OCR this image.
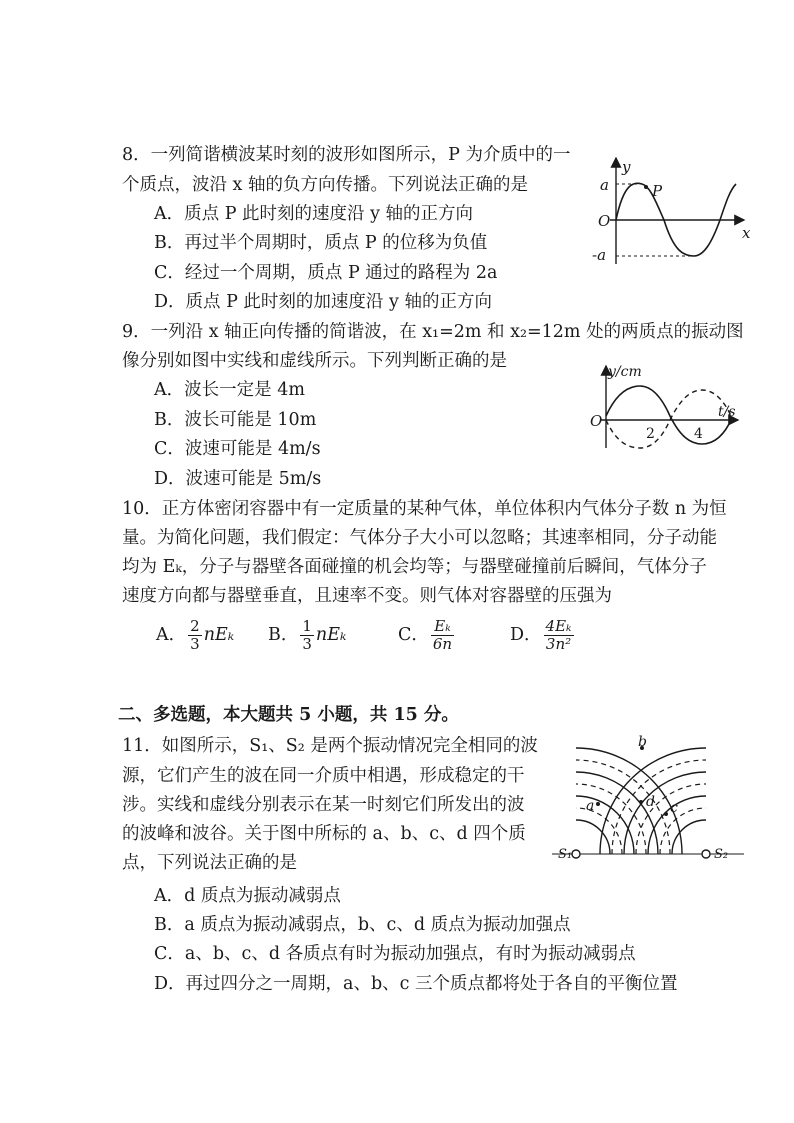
8．一列简谐横波某时刻的波形如图所示，P 为介质中的一
个质点，波沿 x 轴的负方向传播。下列说法正确的是
A．质点 P 此时刻的速度沿 y 轴的正方向
B．再过半个周期时，质点 P 的位移为负值
C．经过一个周期，质点 P 通过的路程为 2a
D．质点 P 此时刻的加速度沿 y 轴的正方向
y
x
O
a
-a
P
9．一列沿 x 轴正向传播的简谐波，在 x₁=2m 和 x₂=12m 处的两质点的振动图
像分别如图中实线和虚线所示。下列判断正确的是
A．波长一定是 4m
B．波长可能是 10m
C．波速可能是 4m/s
D．波速可能是 5m/s
y/cm
t/s
O
2	4
10．正方体密闭容器中有一定质量的某种气体，单位体积内气体分子数 n 为恒
量。为简化问题，我们假定：气体分子大小可以忽略；其速率相同，分子动能
均为 Eₖ，分子与器壁各面碰撞的机会均等；与器壁碰撞前后瞬间，气体分子
速度方向都与器壁垂直，且速率不变。则气体对容器壁的压强为
A． $\frac{2}{3}$ nEₖ B． $\frac{1}{3}$ nEₖ	C． $\frac{\text{Eₖ}}{6n}$	D． $\frac{\text{4Eₖ}}{\text{3n²}}$
二、多选题，本大题共 5 小题，共 15 分。
11．如图所示，S₁、S₂ 是两个振动情况完全相同的波
源，它们产生的波在同一介质中相遇，形成稳定的干
涉。实线和虚线分别表示在某一时刻它们所发出的波
的波峰和波谷。关于图中所标的 a、b、c、d 四个质
点，下列说法正确的是
A．d 质点为振动减弱点
B．a 质点为振动减弱点，b、c、d 质点为振动加强点
C．a、b、c、d 各质点有时为振动加强点，有时为振动减弱点
D．再过四分之一周期，a、b、c 三个质点都将处于各自的平衡位置
b
a	d c
S₁	S₂
